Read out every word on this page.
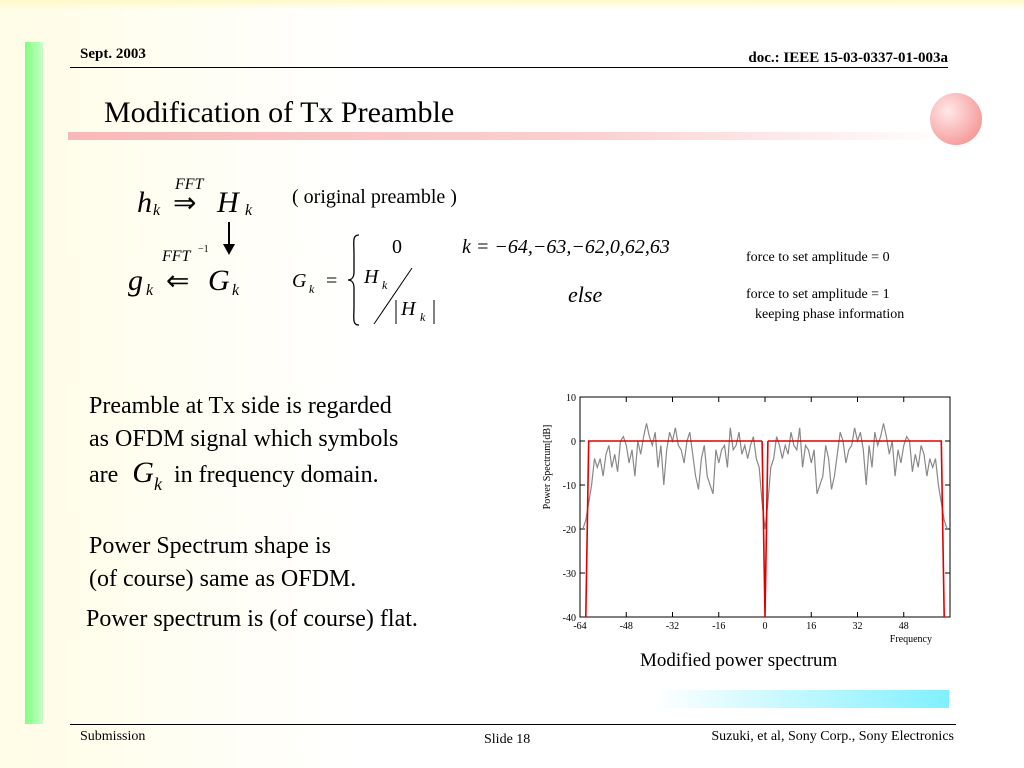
Sept. 2003	doc.: IEEE 15-03-0337-01-003a
Modification of Tx Preamble
h k
FFT
⇒ H k
( original preamble )
FFT −1
g k ⇐ G k	G k =
0	k = −64,−63,−62,0,62,63
H k
H k
else
force to set amplitude = 0
force to set amplitude = 1
keeping phase information
Preamble at Tx side is regarded
as OFDM signal which symbols
are $G_k$ in frequency domain.
Power Spectrum shape is
(of course) same as OFDM.
Power spectrum is (of course) flat.
10
0
-10
-20
-30
-40
-64	-48	-32	-16	0	16	32	48
Frequency
Power Spectrum[dB]
Modified power spectrum
Submission	Slide 18	Suzuki, et al, Sony Corp., Sony Electronics
